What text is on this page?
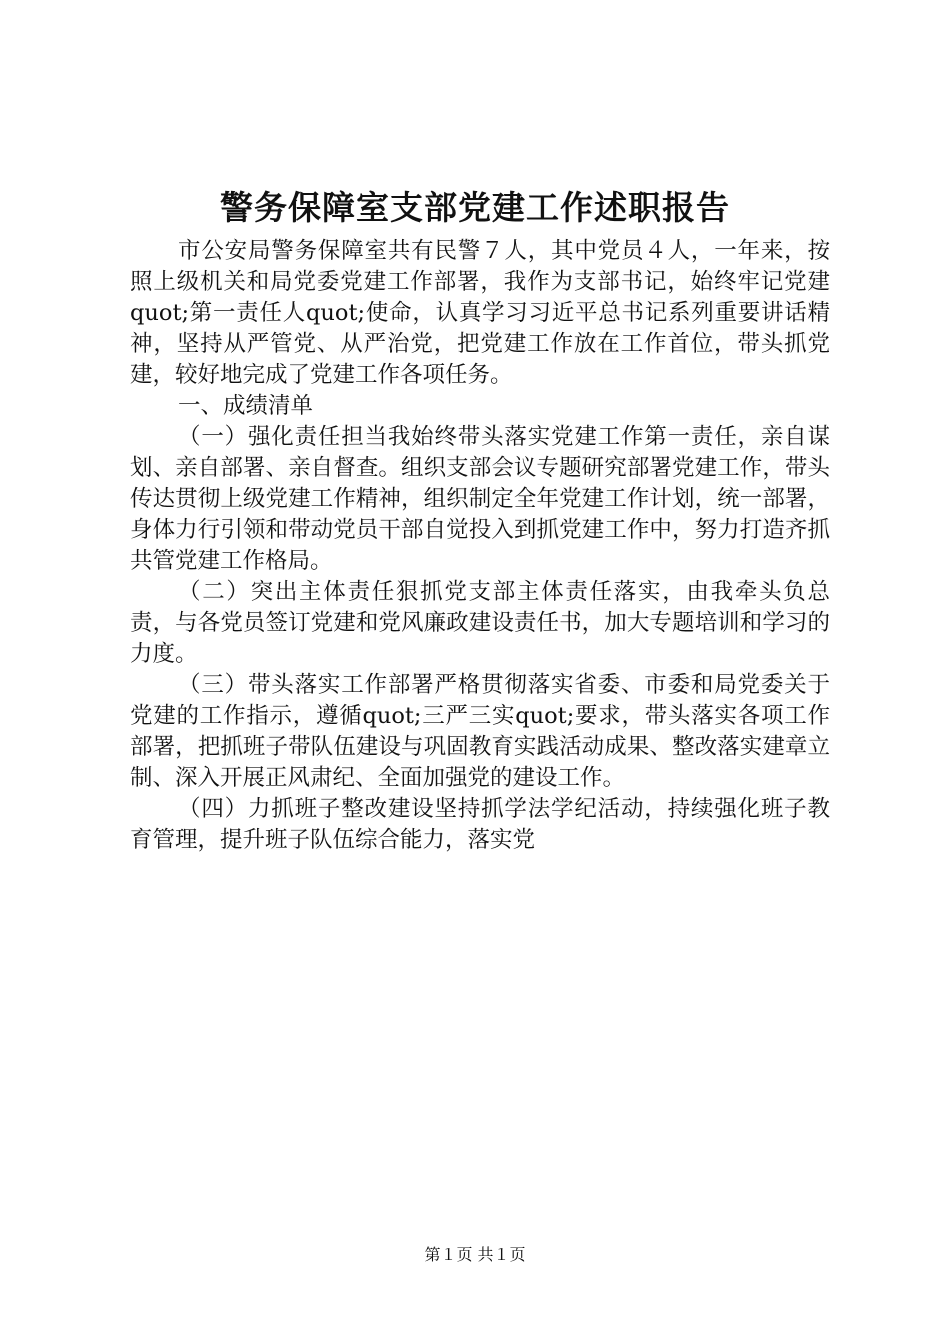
警务保障室支部党建工作述职报告

市公安局警务保障室共有民警７人，其中党员４人，一年来，按照上级机关和局党委党建工作部署，我作为支部书记，始终牢记党建quot;第一责任人quot;使命，认真学习习近平总书记系列重要讲话精神，坚持从严管党、从严治党，把党建工作放在工作首位，带头抓党建，较好地完成了党建工作各项任务。

一、成绩清单

（一）强化责任担当我始终带头落实党建工作第一责任，亲自谋划、亲自部署、亲自督查。组织支部会议专题研究部署党建工作，带头传达贯彻上级党建工作精神，组织制定全年党建工作计划，统一部署，身体力行引领和带动党员干部自觉投入到抓党建工作中，努力打造齐抓共管党建工作格局。

（二）突出主体责任狠抓党支部主体责任落实，由我牵头负总责，与各党员签订党建和党风廉政建设责任书，加大专题培训和学习的力度。

（三）带头落实工作部署严格贯彻落实省委、市委和局党委关于党建的工作指示，遵循quot;三严三实quot;要求，带头落实各项工作部署，把抓班子带队伍建设与巩固教育实践活动成果、整改落实建章立制、深入开展正风肃纪、全面加强党的建设工作。

（四）力抓班子整改建设坚持抓学法学纪活动，持续强化班子教育管理，提升班子队伍综合能力，落实党

第１页 共１页
